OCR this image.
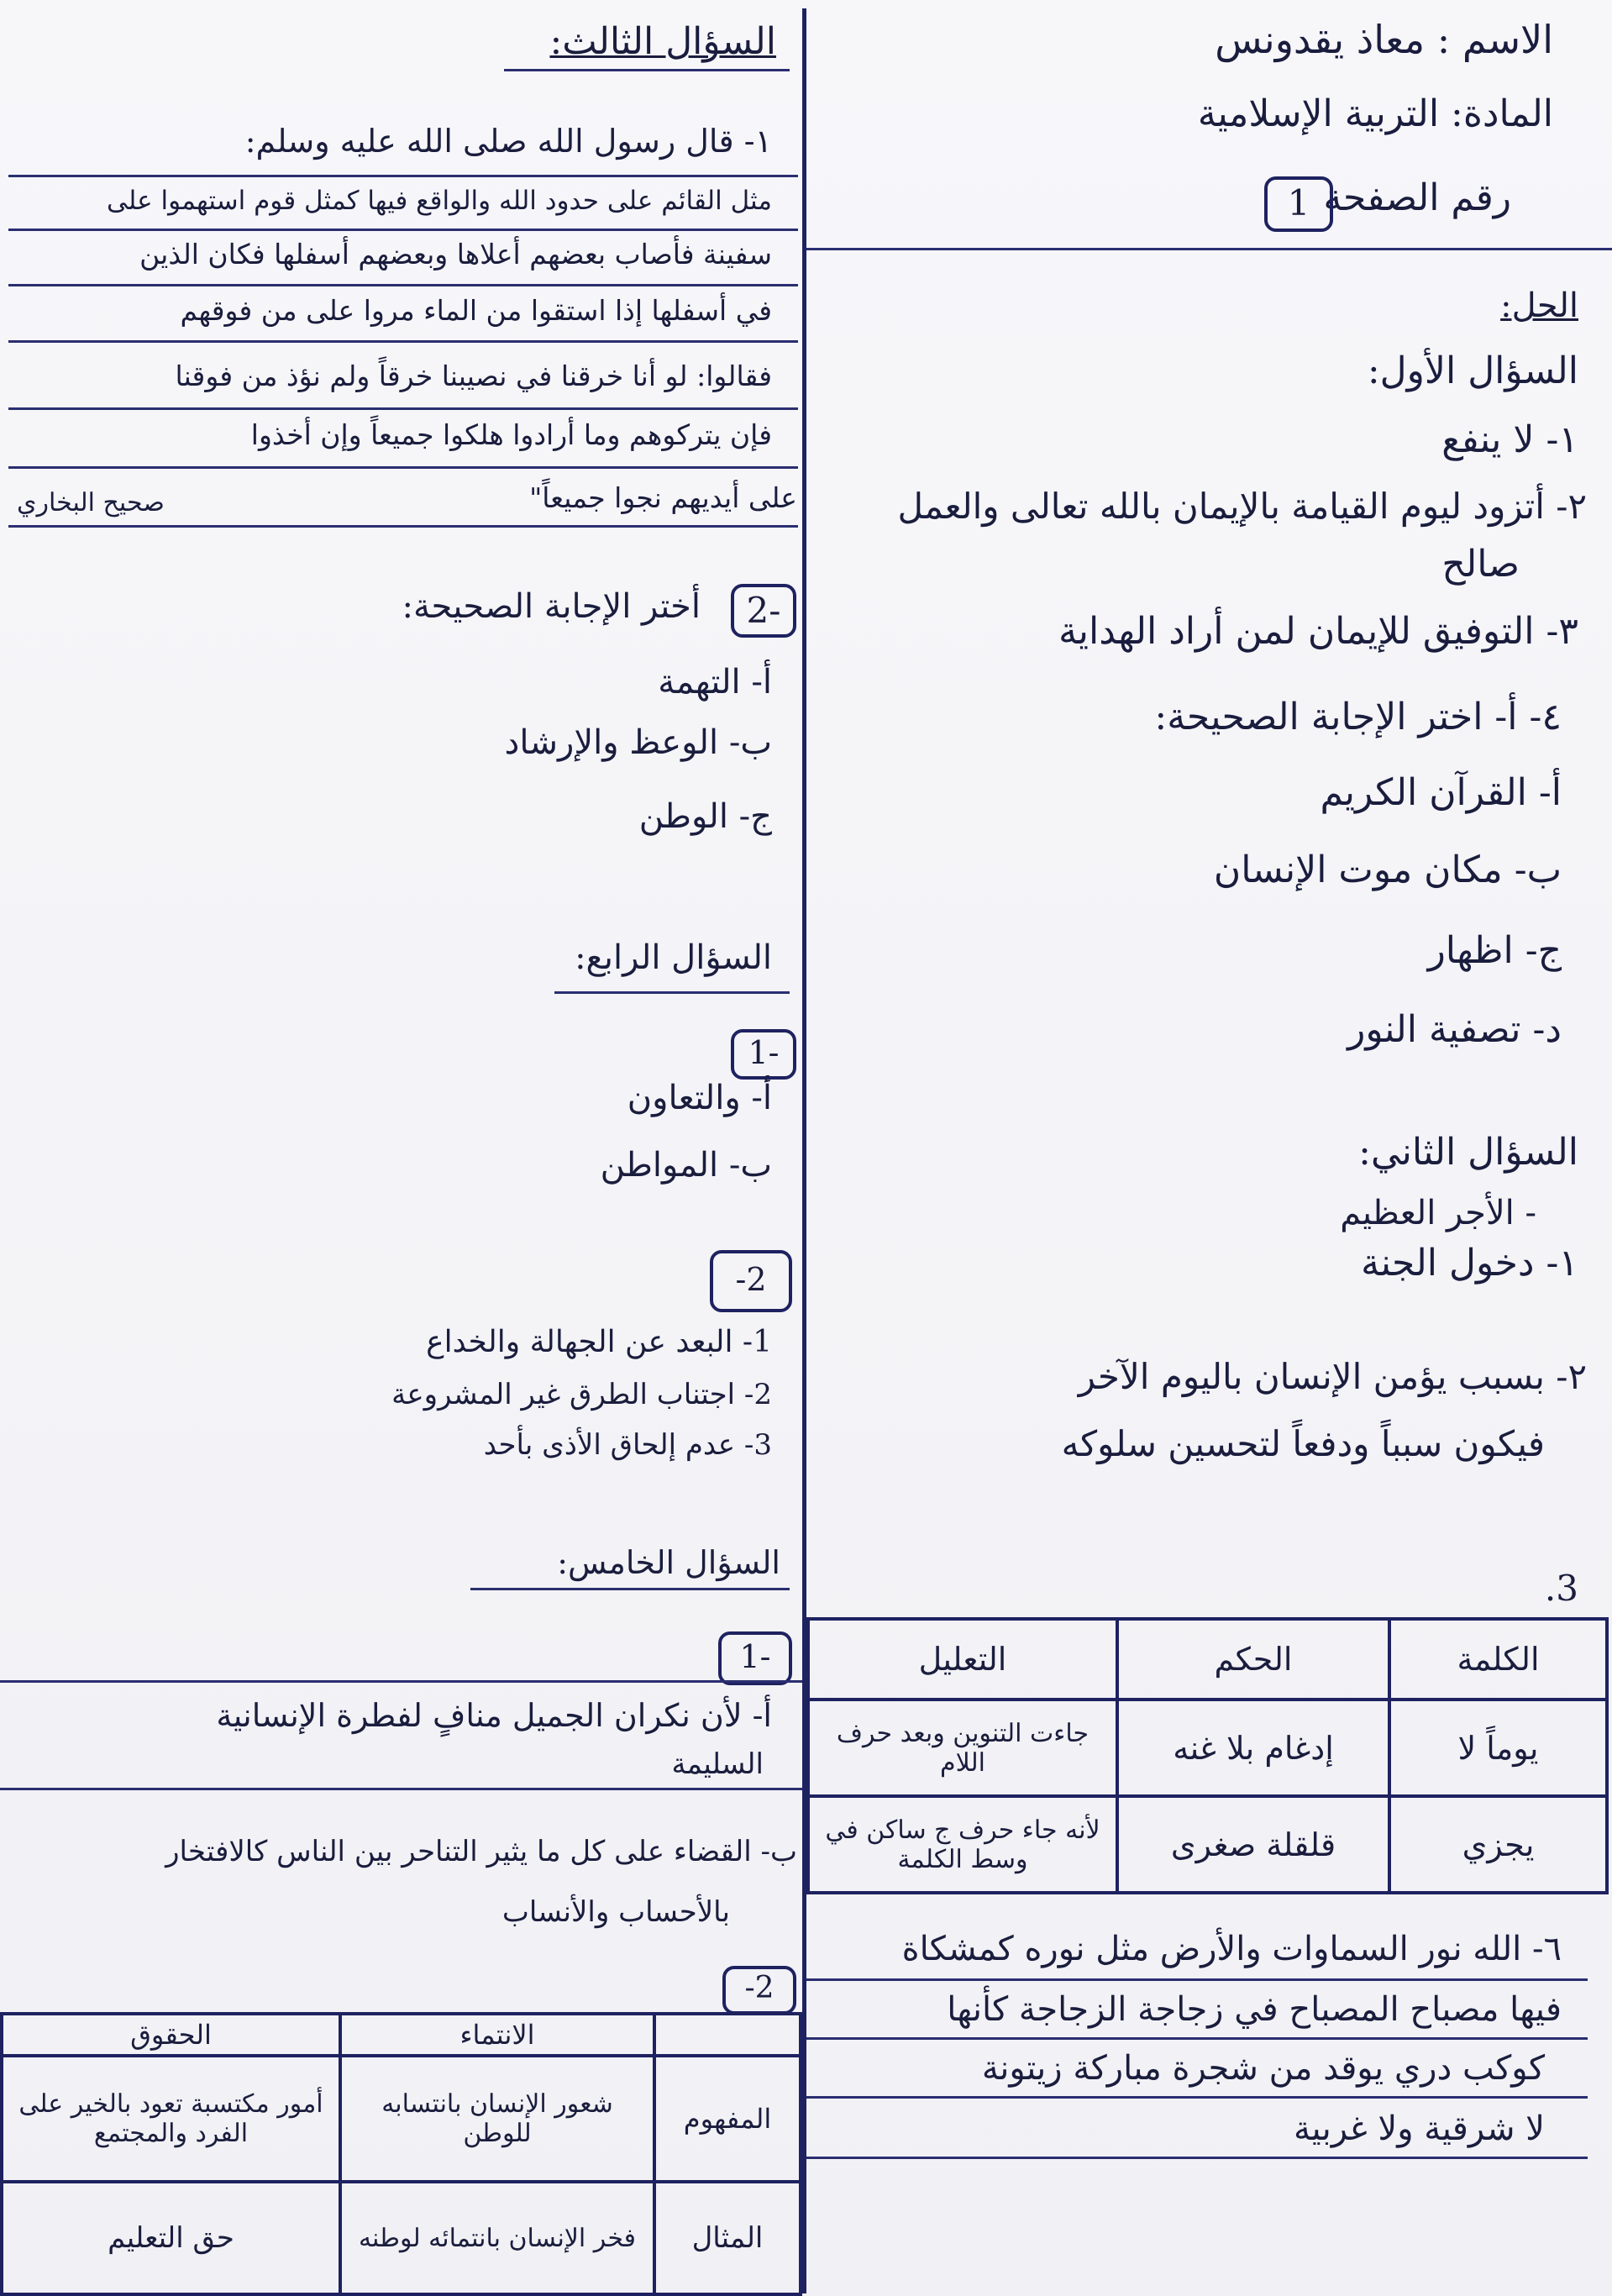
الاسم : معاذ يقدونس
المادة: التربية الإسلامية
رقم الصفحة
1
الحل:
السؤال الأول:
١- لا ينفع
٢- أتزود ليوم القيامة بالإيمان بالله تعالى والعمل
صالح
٣- التوفيق للإيمان لمن أراد الهداية
٤- أ- اختر الإجابة الصحيحة:
أ- القرآن الكريم
ب- مكان موت الإنسان
ج- اظهار
د- تصفية النور
السؤال الثاني:
- الأجر العظيم
١- دخول الجنة
٢- بسبب يؤمن الإنسان باليوم الآخر
فيكون سبباً ودفعاً لتحسين سلوكه
.3
الكلمة	الحكم	التعليل
يوماً لا	إدغام بلا غنه	جاءت التنوين وبعد حرف اللام
يجزي	قلقلة صغرى	لأنه جاء حرف ج ساكن في وسط الكلمة
٦- الله نور السماوات والأرض مثل نوره كمشكاة
فيها مصباح المصباح في زجاجة الزجاجة كأنها
كوكب دري يوقد من شجرة مباركة زيتونة
لا شرقية ولا غربية
السؤال الثالث:
١- قال رسول الله صلى الله عليه وسلم:
مثل القائم على حدود الله والواقع فيها كمثل قوم استهموا على
سفينة فأصاب بعضهم أعلاها وبعضهم أسفلها فكان الذين
في أسفلها إذا استقوا من الماء مروا على من فوقهم
فقالوا: لو أنا خرقنا في نصيبنا خرقاً ولم نؤذ من فوقنا
فإن يتركوهم وما أرادوا هلكوا جميعاً وإن أخذوا
على أيديهم نجوا جميعاً"
صحيح البخاري
2-
أختر الإجابة الصحيحة:
أ- التهمة
ب- الوعظ والإرشاد
ج- الوطن
السؤال الرابع:
1-
أ- والتعاون
ب- المواطن
-2
1- البعد عن الجهالة والخداع
2- اجتناب الطرق غير المشروعة
3- عدم إلحاق الأذى بأحد
السؤال الخامس:
1-
أ- لأن نكران الجميل منافٍ لفطرة الإنسانية
السليمة
ب- القضاء على كل ما يثير التناحر بين الناس كالافتخار
بالأحساب والأنساب
-2
	الانتماء	الحقوق
المفهوم	شعور الإنسان بانتسابه للوطن	أمور مكتسبة تعود بالخير على الفرد والمجتمع
المثال	فخر الإنسان بانتمائه لوطنه	حق التعليم
